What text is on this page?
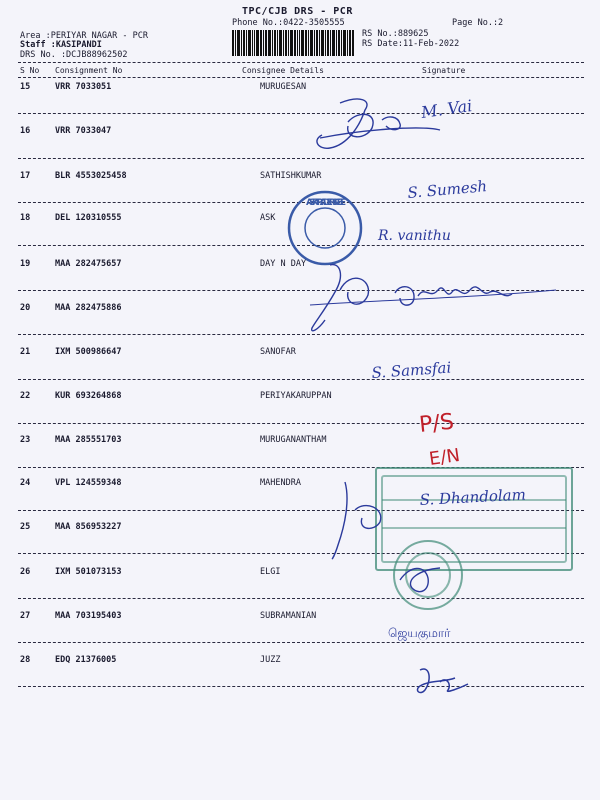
TPC/CJB DRS - PCR
Phone No.:0422-3505555	Page No.:2
Area :PERIYAR NAGAR - PCR
Staff :KASIPANDI
DRS No. :DCJB88962502
RS No.:889625
RS Date:11-Feb-2022
S No Consignment No	Consignee Details	Signature
15	VRR 7033051	MURUGESAN
16	VRR 7033047
17	BLR 4553025458	SATHISHKUMAR
18	DEL 120310555	ASK
19	MAA 282475657	DAY N DAY
20	MAA 282475886
21	IXM 500986647	SANOFAR
22	KUR 693264868	PERIYAKARUPPAN
23	MAA 285551703	MURUGANANTHAM
24	VPL 124559348	MAHENDRA
25	MAA 856953227
26	IXM 501073153	ELGI
27	MAA 703195403	SUBRAMANIAN
28	EDQ 21376005	JUZZ
M. Vai
S. Sumesh
ASK TRADERS CBE
R. vanithu
S. Samsfai
P/S
E/N
S. Dhandolam
ஜெயகுமார்
